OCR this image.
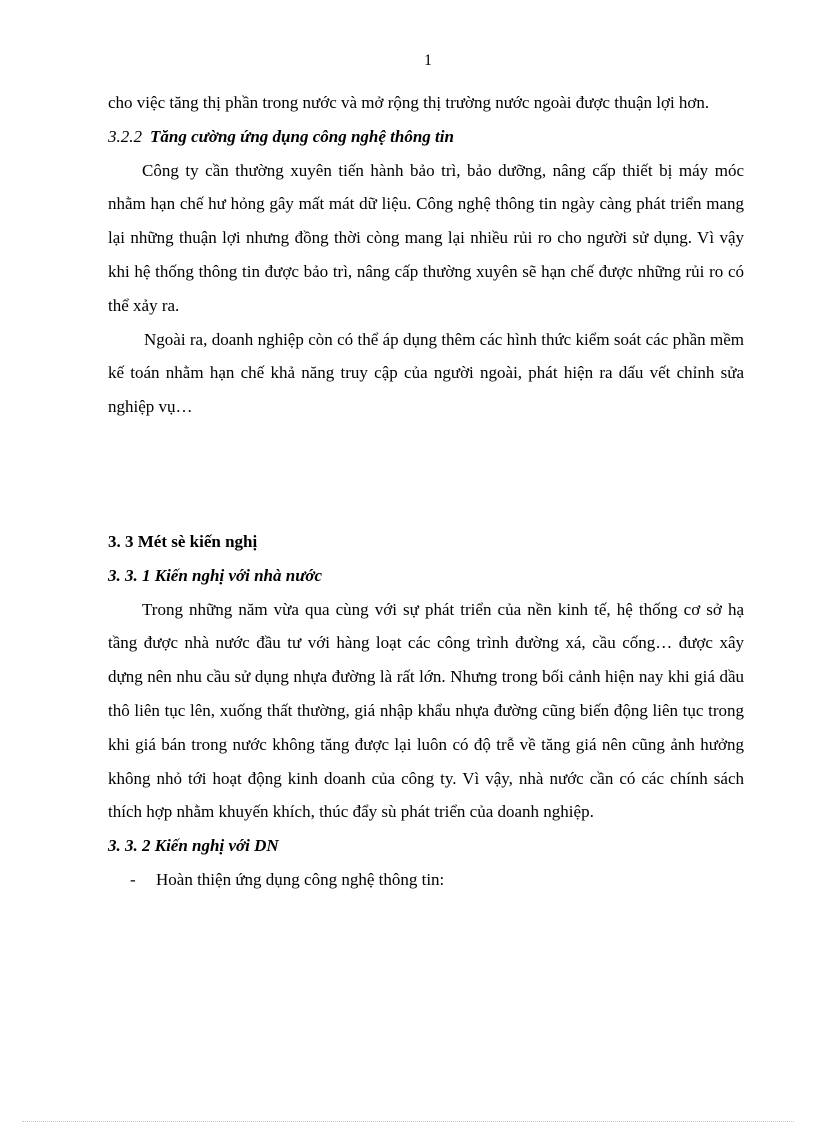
1

cho việc tăng thị phần trong nước và mở rộng thị trường nước ngoài được thuận lợi hơn.

3.2.2 Tăng cường ứng dụng công nghệ thông tin

Công ty cần thường xuyên tiến hành bảo trì, bảo dưỡng, nâng cấp thiết bị máy móc nhằm hạn chế hư hỏng gây mất mát dữ liệu. Công nghệ thông tin ngày càng phát triển mang lại những thuận lợi nhưng đồng thời còng mang lại nhiều rủi ro cho người sử dụng. Vì vậy khi hệ thống thông tin được bảo trì, nâng cấp thường xuyên sẽ hạn chế được những rủi ro có thể xảy ra.

Ngoài ra, doanh nghiệp còn có thể áp dụng thêm các hình thức kiểm soát các phần mềm kế toán nhằm hạn chế khả năng truy cập của người ngoài, phát hiện ra dấu vết chỉnh sửa nghiệp vụ…

3. 3 Mét sè kiến nghị

3. 3. 1 Kiến nghị với nhà nước

Trong những năm vừa qua cùng với sự phát triển của nền kinh tế, hệ thống cơ sở hạ tầng được nhà nước đầu tư với hàng loạt các công trình đường xá, cầu cống… được xây dựng nên nhu cầu sử dụng nhựa đường là rất lớn. Nhưng trong bối cảnh hiện nay khi giá dầu thô liên tục lên, xuống thất thường, giá nhập khẩu nhựa đường cũng biến động liên tục trong khi giá bán trong nước không tăng được lại luôn có độ trễ về tăng giá nên cũng ảnh hưởng không nhỏ tới hoạt động kinh doanh của công ty. Vì vậy, nhà nước cần có các chính sách thích hợp nhằm khuyến khích, thúc đẩy sù phát triển của doanh nghiệp.

3. 3. 2 Kiến nghị với DN

- Hoàn thiện ứng dụng công nghệ thông tin:
